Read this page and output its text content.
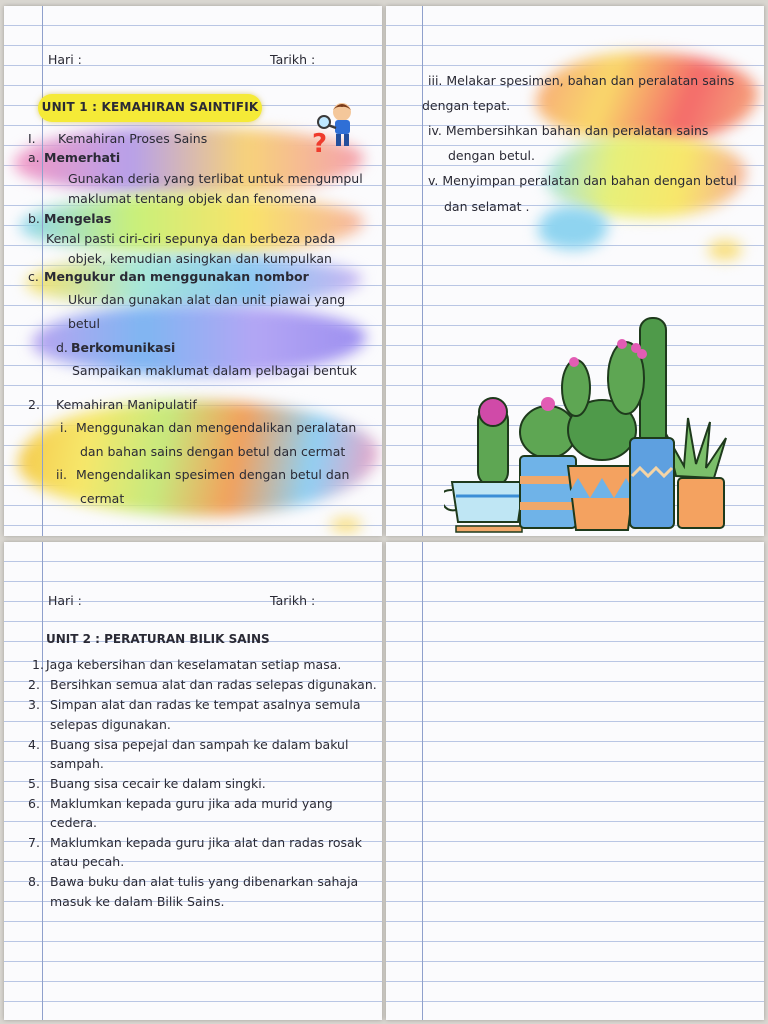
Hari :	Tarikh :
UNIT 1 : KEMAHIRAN SAINTIFIK
?
I. Kemahiran Proses Sains
a. Memerhati
Gunakan deria yang terlibat untuk mengumpul
maklumat tentang objek dan fenomena
b. Mengelas
Kenal pasti ciri-ciri sepunya dan berbeza pada
objek, kemudian asingkan dan kumpulkan
c. Mengukur dan menggunakan nombor
Ukur dan gunakan alat dan unit piawai yang
betul
d. Berkomunikasi
Sampaikan maklumat dalam pelbagai bentuk
2. Kemahiran Manipulatif
i. Menggunakan dan mengendalikan peralatan
dan bahan sains dengan betul dan cermat
ii. Mengendalikan spesimen dengan betul dan
cermat
iii. Melakar spesimen, bahan dan peralatan sains
dengan tepat.
iv. Membersihkan bahan dan peralatan sains
dengan betul.
v. Menyimpan peralatan dan bahan dengan betul
dan selamat .
Hari :	Tarikh :
UNIT 2 : PERATURAN BILIK SAINS
1. Jaga kebersihan dan keselamatan setiap masa.
2. Bersihkan semua alat dan radas selepas digunakan.
3. Simpan alat dan radas ke tempat asalnya semula
selepas digunakan.
4. Buang sisa pepejal dan sampah ke dalam bakul
sampah.
5. Buang sisa cecair ke dalam singki.
6. Maklumkan kepada guru jika ada murid yang
cedera.
7. Maklumkan kepada guru jika alat dan radas rosak
atau pecah.
8. Bawa buku dan alat tulis yang dibenarkan sahaja
masuk ke dalam Bilik Sains.
